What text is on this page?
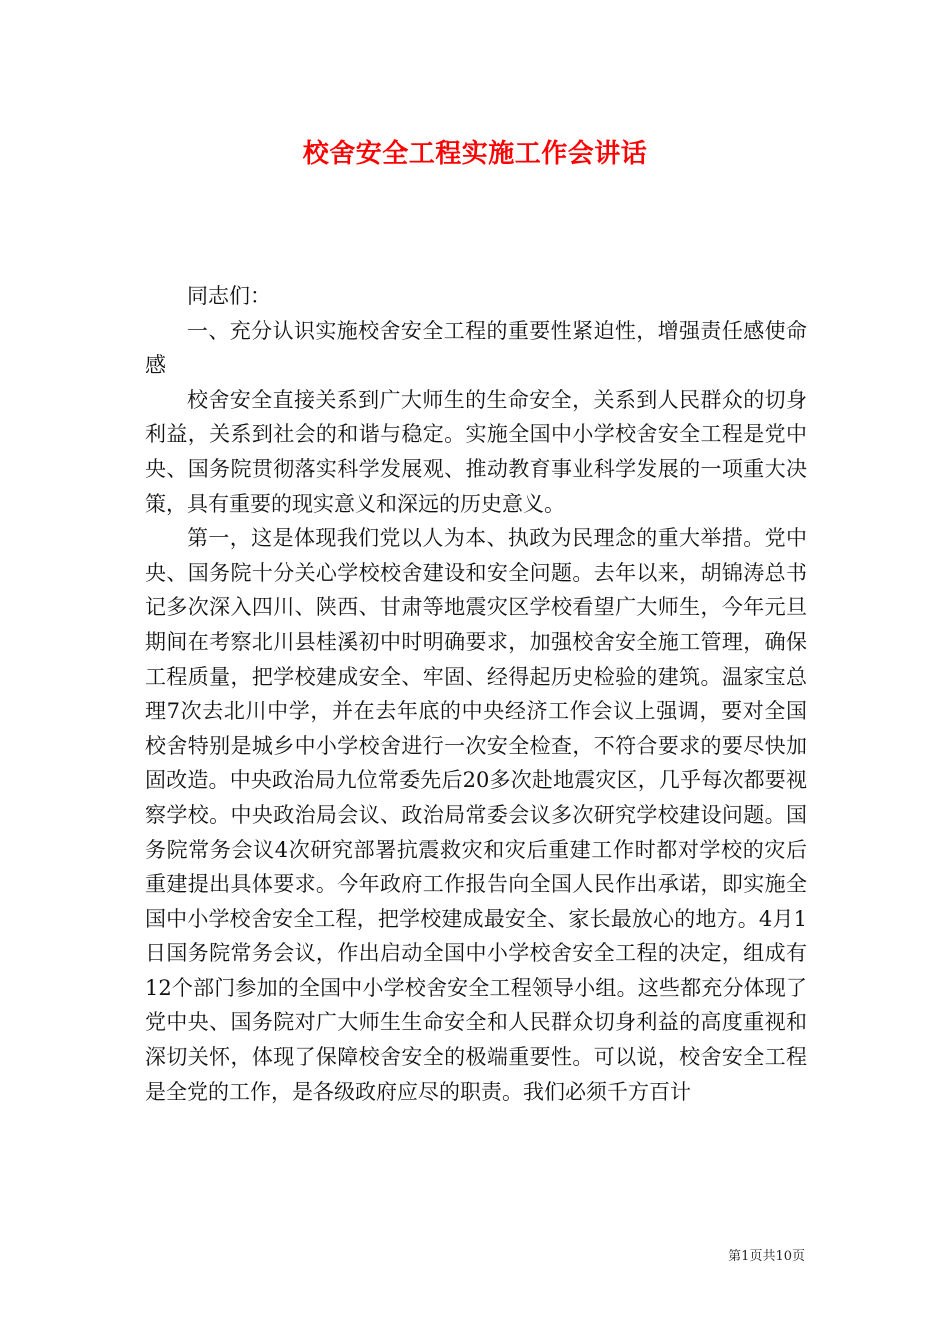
校舍安全工程实施工作会讲话

同志们：

一、充分认识实施校舍安全工程的重要性紧迫性，增强责任感使命感

校舍安全直接关系到广大师生的生命安全，关系到人民群众的切身利益，关系到社会的和谐与稳定。实施全国中小学校舍安全工程是党中央、国务院贯彻落实科学发展观、推动教育事业科学发展的一项重大决策，具有重要的现实意义和深远的历史意义。

第一，这是体现我们党以人为本、执政为民理念的重大举措。党中央、国务院十分关心学校校舍建设和安全问题。去年以来，胡锦涛总书记多次深入四川、陕西、甘肃等地震灾区学校看望广大师生，今年元旦期间在考察北川县桂溪初中时明确要求，加强校舍安全施工管理，确保工程质量，把学校建成安全、牢固、经得起历史检验的建筑。温家宝总理7次去北川中学，并在去年底的中央经济工作会议上强调，要对全国校舍特别是城乡中小学校舍进行一次安全检查，不符合要求的要尽快加固改造。中央政治局九位常委先后20多次赴地震灾区，几乎每次都要视察学校。中央政治局会议、政治局常委会议多次研究学校建设问题。国务院常务会议4次研究部署抗震救灾和灾后重建工作时都对学校的灾后重建提出具体要求。今年政府工作报告向全国人民作出承诺，即实施全国中小学校舍安全工程，把学校建成最安全、家长最放心的地方。4月1日国务院常务会议，作出启动全国中小学校舍安全工程的决定，组成有12个部门参加的全国中小学校舍安全工程领导小组。这些都充分体现了党中央、国务院对广大师生生命安全和人民群众切身利益的高度重视和深切关怀，体现了保障校舍安全的极端重要性。可以说，校舍安全工程是全党的工作，是各级政府应尽的职责。我们必须千方百计

第1页共10页
